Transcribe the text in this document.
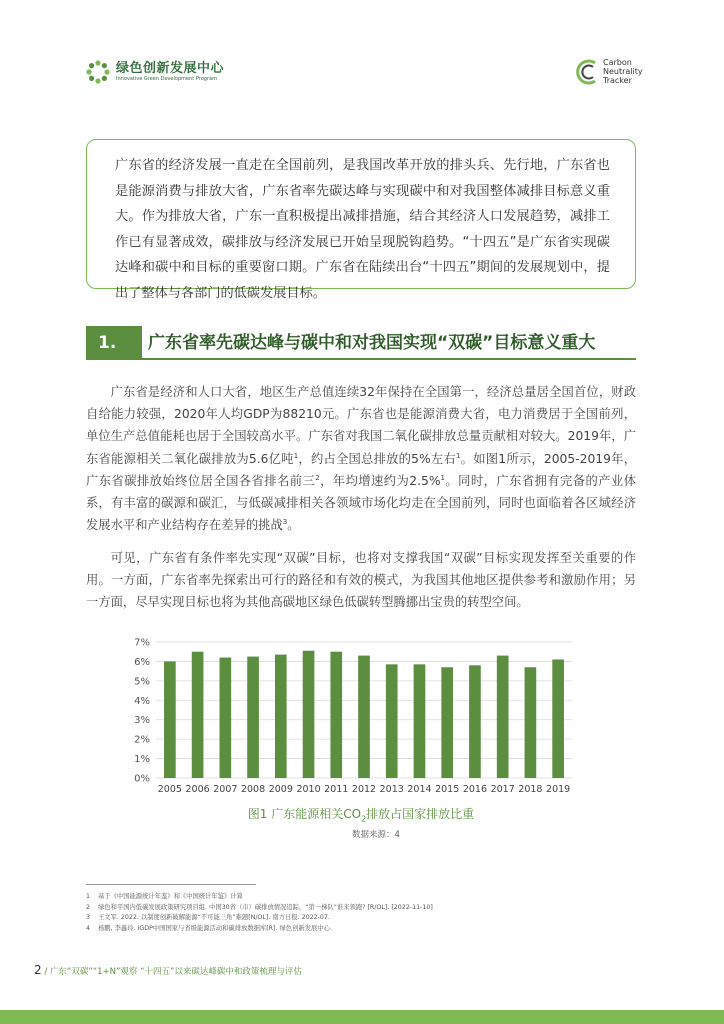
绿色创新发展中心
Innovative Green Development Program
Carbon
Neutrality
Tracker

广东省的经济发展一直走在全国前列，是我国改革开放的排头兵、先行地，广东省也是能源消费与排放大省，广东省率先碳达峰与实现碳中和对我国整体减排目标意义重大。作为排放大省，广东一直积极提出减排措施，结合其经济人口发展趋势，减排工作已有显著成效，碳排放与经济发展已开始呈现脱钩趋势。“十四五”是广东省实现碳达峰和碳中和目标的重要窗口期。广东省在陆续出台“十四五”期间的发展规划中，提出了整体与各部门的低碳发展目标。

1.	广东省率先碳达峰与碳中和对我国实现“双碳”目标意义重大

广东省是经济和人口大省，地区生产总值连续32年保持在全国第一，经济总量居全国首位，财政自给能力较强，2020年人均GDP为88210元。广东省也是能源消费大省，电力消费居于全国前列，单位生产总值能耗也居于全国较高水平。广东省对我国二氧化碳排放总量贡献相对较大。2019年，广东省能源相关二氧化碳排放为5.6亿吨$^1$，约占全国总排放的5%左右$^1$。如图1所示，2005-2019年，广东省碳排放始终位居全国各省排名前三$^2$，年均增速约为2.5%$^1$。同时，广东省拥有完备的产业体系，有丰富的碳源和碳汇，与低碳减排相关各领域市场化均走在全国前列，同时也面临着各区域经济发展水平和产业结构存在差异的挑战$^3$。

可见，广东省有条件率先实现“双碳”目标，也将对支撑我国“双碳”目标实现发挥至关重要的作用。一方面，广东省率先探索出可行的路径和有效的模式，为我国其他地区提供参考和激励作用；另一方面，尽早实现目标也将为其他高碳地区绿色低碳转型腾挪出宝贵的转型空间。

0%
1%
2%
3%
4%
5%
6%
7%
2005 2006 2007 2008 2009 2010 2011 2012 2013 2014 2015 2016 2017 2018 2019
图1 广东能源相关$CO_2$排放占国家排放比重
数据来源：4
1 基于《中国能源统计年鉴》和《中国统计年鉴》计算
2 绿色和平国内低碳发展政策研究项目组. 中国30省（市）碳排放情况追踪，“第一梯队”谁来领跑? [R/OL]. [2022-11-10]
3 王文军. 2022. 以制度创新破解能源“不可能三角”难题[N/OL]. 南方日报. 2022-07.
4 杨鹏, 李鑫玲. IGDP中国国家与省级能源活动和碳排放数据库[R]. 绿色创新发展中心.
2 / 广东“双碳”“1+N”观察 “十四五”以来碳达峰碳中和政策梳理与评估
